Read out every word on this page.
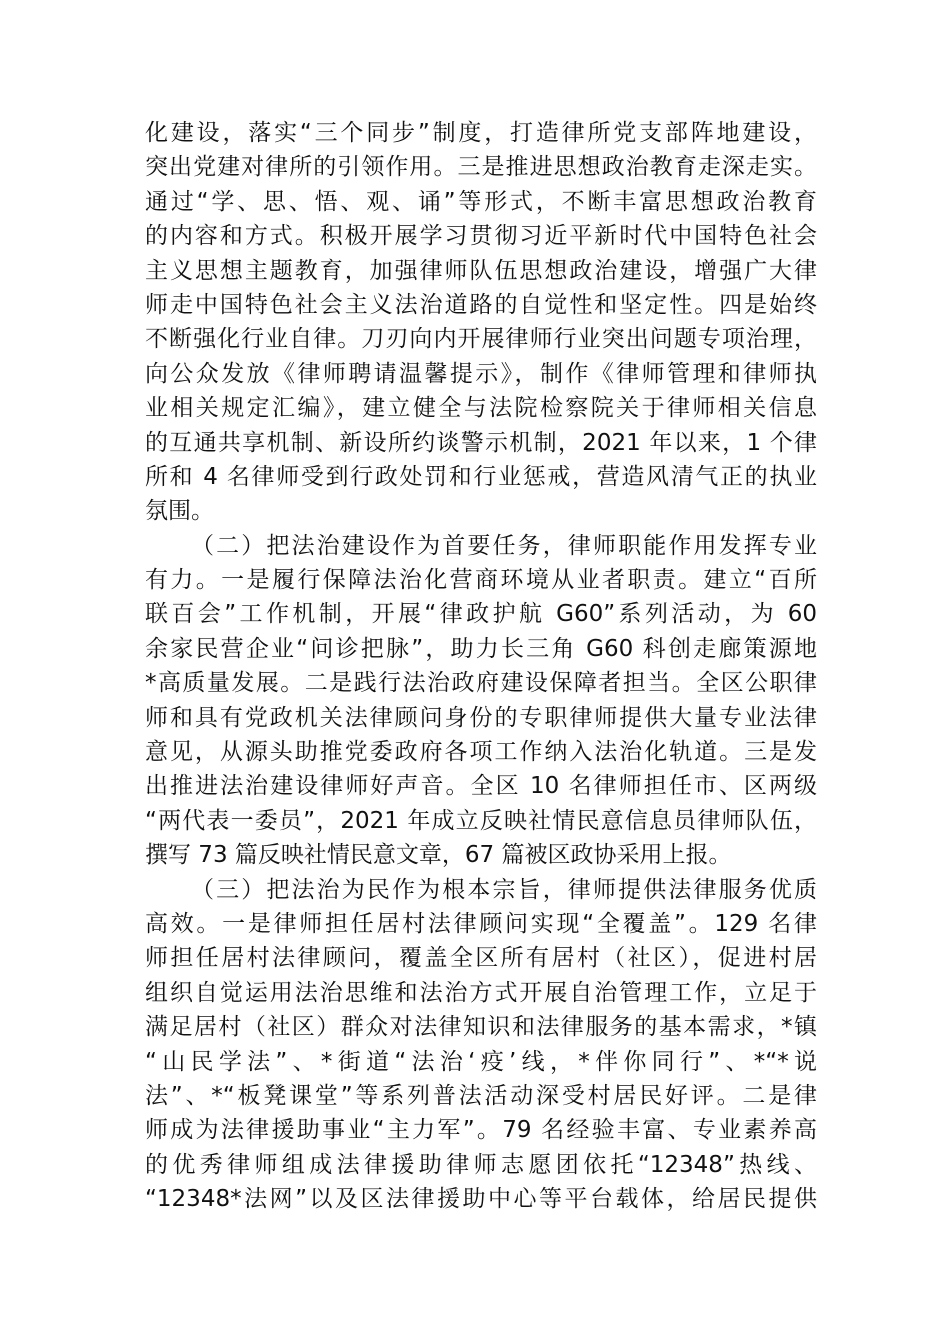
化建设，落实“三个同步”制度，打造律所党支部阵地建设，
突出党建对律所的引领作用。三是推进思想政治教育走深走实。
通过“学、思、悟、观、诵”等形式，不断丰富思想政治教育
的内容和方式。积极开展学习贯彻习近平新时代中国特色社会
主义思想主题教育，加强律师队伍思想政治建设，增强广大律
师走中国特色社会主义法治道路的自觉性和坚定性。四是始终
不断强化行业自律。刀刃向内开展律师行业突出问题专项治理，
向公众发放《律师聘请温馨提示》，制作《律师管理和律师执
业相关规定汇编》，建立健全与法院检察院关于律师相关信息
的互通共享机制、新设所约谈警示机制，2021 年以来，1 个律
所和 4 名律师受到行政处罚和行业惩戒，营造风清气正的执业
氛围。
（二）把法治建设作为首要任务，律师职能作用发挥专业
有力。一是履行保障法治化营商环境从业者职责。建立“百所
联百会”工作机制，开展“律政护航 G60”系列活动，为 60
余家民营企业“问诊把脉”，助力长三角 G60 科创走廊策源地
*高质量发展。二是践行法治政府建设保障者担当。全区公职律
师和具有党政机关法律顾问身份的专职律师提供大量专业法律
意见，从源头助推党委政府各项工作纳入法治化轨道。三是发
出推进法治建设律师好声音。全区 10 名律师担任市、区两级
“两代表一委员”，2021 年成立反映社情民意信息员律师队伍，
撰写 73 篇反映社情民意文章，67 篇被区政协采用上报。
（三）把法治为民作为根本宗旨，律师提供法律服务优质
高效。一是律师担任居村法律顾问实现“全覆盖”。129 名律
师担任居村法律顾问，覆盖全区所有居村（社区），促进村居
组织自觉运用法治思维和法治方式开展自治管理工作，立足于
满足居村（社区）群众对法律知识和法律服务的基本需求，*镇
“山民学法”、*街道“法治‘疫’线，*伴你同行”、*“*说
法”、*“板凳课堂”等系列普法活动深受村居民好评。二是律
师成为法律援助事业“主力军”。79 名经验丰富、专业素养高
的优秀律师组成法律援助律师志愿团依托“12348”热线、
“12348*法网”以及区法律援助中心等平台载体，给居民提供
